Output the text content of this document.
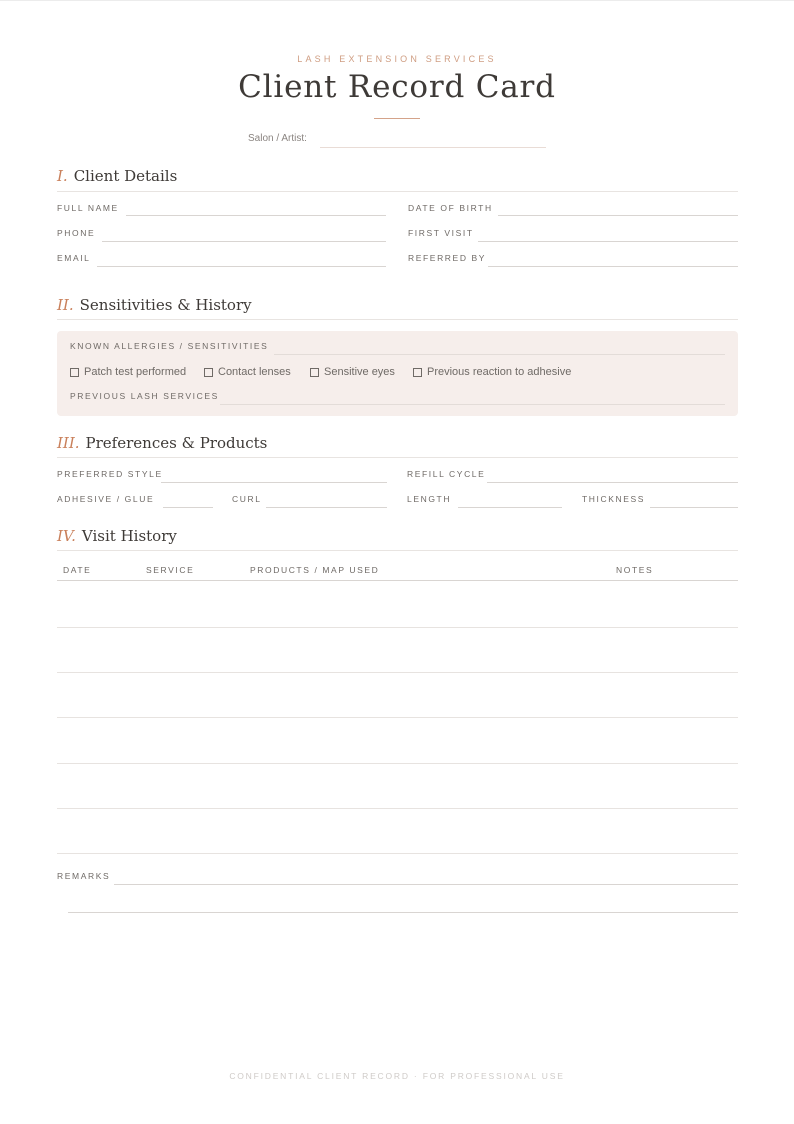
LASH EXTENSION SERVICES
Client Record Card
Salon / Artist:
I. Client Details
FULL NAME	DATE OF BIRTH
PHONE	FIRST VISIT
EMAIL	REFERRED BY
II. Sensitivities & History
KNOWN ALLERGIES / SENSITIVITIES
Patch test performed	Contact lenses	Sensitive eyes	Previous reaction to adhesive
PREVIOUS LASH SERVICES
III. Preferences & Products
PREFERRED STYLE	REFILL CYCLE
ADHESIVE / GLUE	CURL	LENGTH	THICKNESS
IV. Visit History
DATE	SERVICE	PRODUCTS / MAP USED	NOTES
REMARKS
CONFIDENTIAL CLIENT RECORD · FOR PROFESSIONAL USE
